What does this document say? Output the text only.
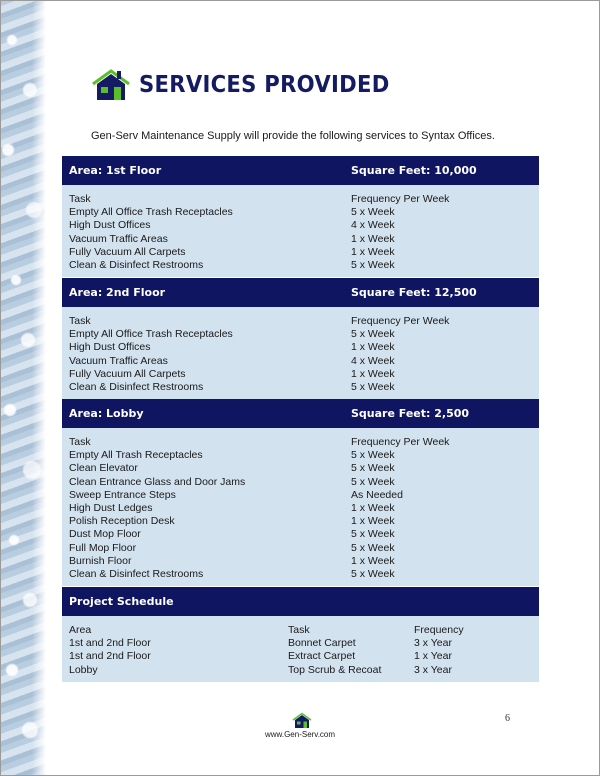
SERVICES PROVIDED
Gen-Serv Maintenance Supply will provide the following services to Syntax Offices.
Area: 1st Floor	Square Feet: 10,000
Task	Frequency Per Week
Empty All Office Trash Receptacles	5 x Week
High Dust Offices	4 x Week
Vacuum Traffic Areas	1 x Week
Fully Vacuum All Carpets	1 x Week
Clean & Disinfect Restrooms	5 x Week
Area: 2nd Floor	Square Feet: 12,500
Task	Frequency Per Week
Empty All Office Trash Receptacles	5 x Week
High Dust Offices	1 x Week
Vacuum Traffic Areas	4 x Week
Fully Vacuum All Carpets	1 x Week
Clean & Disinfect Restrooms	5 x Week
Area: Lobby	Square Feet: 2,500
Task	Frequency Per Week
Empty All Trash Receptacles	5 x Week
Clean Elevator	5 x Week
Clean Entrance Glass and Door Jams	5 x Week
Sweep Entrance Steps	As Needed
High Dust Ledges	1 x Week
Polish Reception Desk	1 x Week
Dust Mop Floor	5 x Week
Full Mop Floor	5 x Week
Burnish Floor	1 x Week
Clean & Disinfect Restrooms	5 x Week
Project Schedule
Area	Task	Frequency
1st and 2nd Floor	Bonnet Carpet	3 x Year
1st and 2nd Floor	Extract Carpet	1 x Year
Lobby	Top Scrub & Recoat	3 x Year
www.Gen-Serv.com
6
